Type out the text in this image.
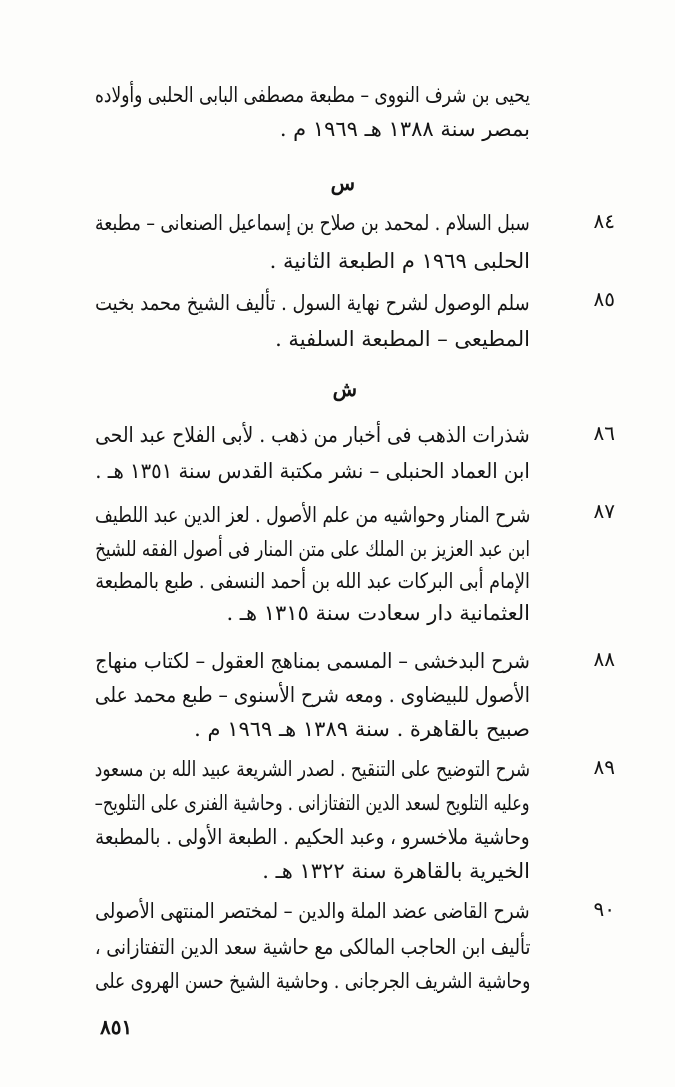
يحيى بن شرف النووى – مطبعة مصطفى البابى الحلبى وأولاده
بمصر سنة ١٣٨٨ هـ ١٩٦٩ م .
س
٨٤
سبل السلام . لمحمد بن صلاح بن إسماعيل الصنعانى – مطبعة
الحلبى ١٩٦٩ م الطبعة الثانية .
٨٥
سلم الوصول لشرح نهاية السول . تأليف الشيخ محمد بخيت
المطيعى – المطبعة السلفية .
ش
٨٦
شذرات الذهب فى أخبار من ذهب . لأبى الفلاح عبد الحى
ابن العماد الحنبلى – نشر مكتبة القدس سنة ١٣٥١ هـ .
٨٧
شرح المنار وحواشيه من علم الأصول . لعز الدين عبد اللطيف
ابن عبد العزيز بن الملك على متن المنار فى أصول الفقه للشيخ
الإمام أبى البركات عبد الله بن أحمد النسفى . طبع بالمطبعة
العثمانية دار سعادت سنة ١٣١٥ هـ .
٨٨
شرح البدخشى – المسمى بمناهج العقول – لكتاب منهاج
الأصول للبيضاوى . ومعه شرح الأسنوى – طبع محمد على
صبيح بالقاهرة . سنة ١٣٨٩ هـ ١٩٦٩ م .
٨٩
شرح التوضيح على التنقيح . لصدر الشريعة عبيد الله بن مسعود
وعليه التلويح لسعد الدين التفتازانى . وحاشية الفنرى على التلويح–
وحاشية ملاخسرو ، وعبد الحكيم . الطبعة الأولى . بالمطبعة
الخيرية بالقاهرة سنة ١٣٢٢ هـ .
٩٠
شرح القاضى عضد الملة والدين – لمختصر المنتهى الأصولى
تأليف ابن الحاجب المالكى مع حاشية سعد الدين التفتازانى ،
وحاشية الشريف الجرجانى . وحاشية الشيخ حسن الهروى على
٨٥١
